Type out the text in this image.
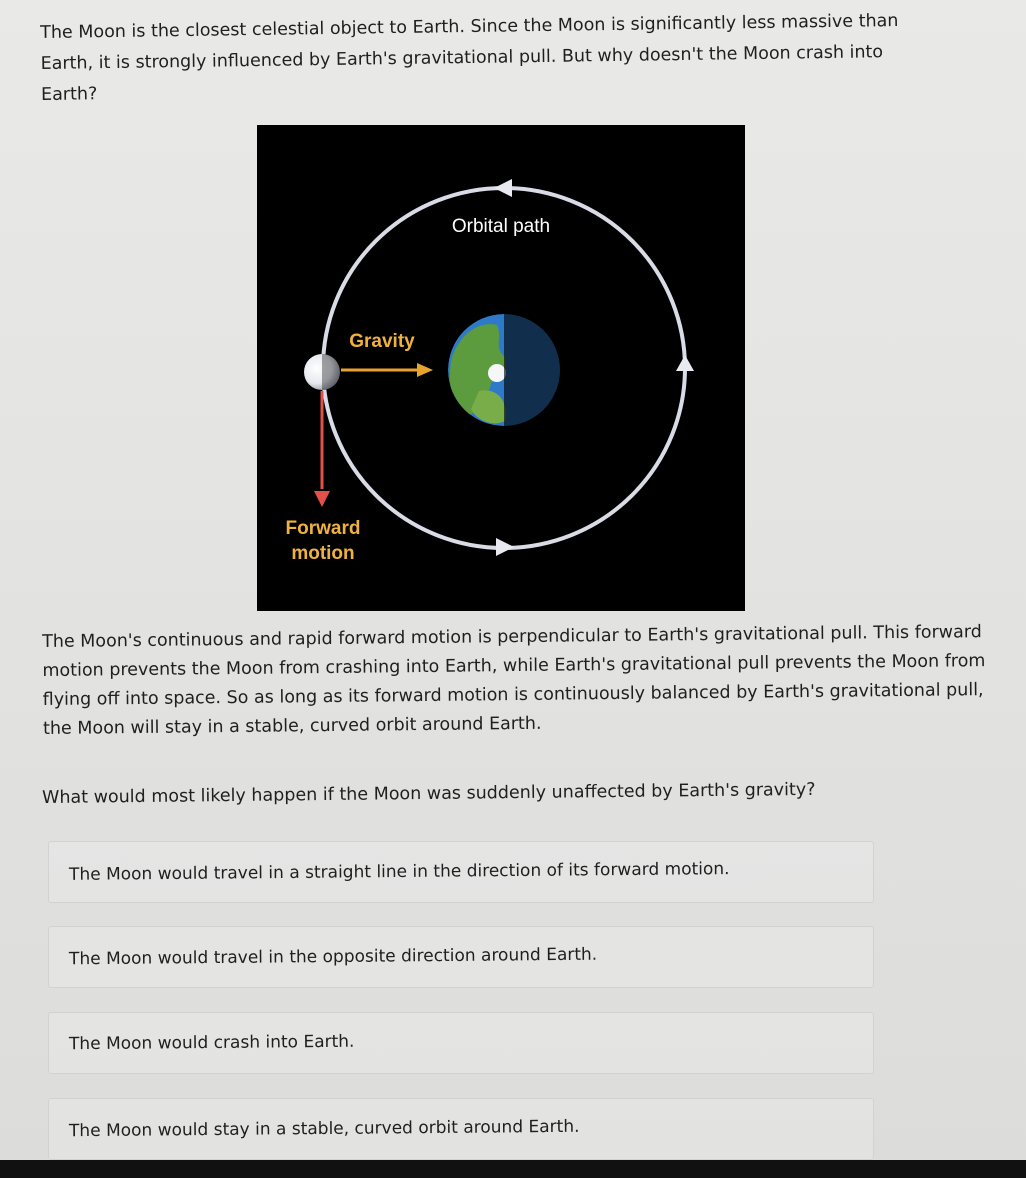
The Moon is the closest celestial object to Earth. Since the Moon is significantly less massive than Earth, it is strongly influenced by Earth's gravitational pull. But why doesn't the Moon crash into Earth?

Orbital path
Gravity
Forward
motion

The Moon's continuous and rapid forward motion is perpendicular to Earth's gravitational pull. This forward motion prevents the Moon from crashing into Earth, while Earth's gravitational pull prevents the Moon from flying off into space. So as long as its forward motion is continuously balanced by Earth's gravitational pull, the Moon will stay in a stable, curved orbit around Earth.

What would most likely happen if the Moon was suddenly unaffected by Earth's gravity?

The Moon would travel in a straight line in the direction of its forward motion.
The Moon would travel in the opposite direction around Earth.
The Moon would crash into Earth.
The Moon would stay in a stable, curved orbit around Earth.
